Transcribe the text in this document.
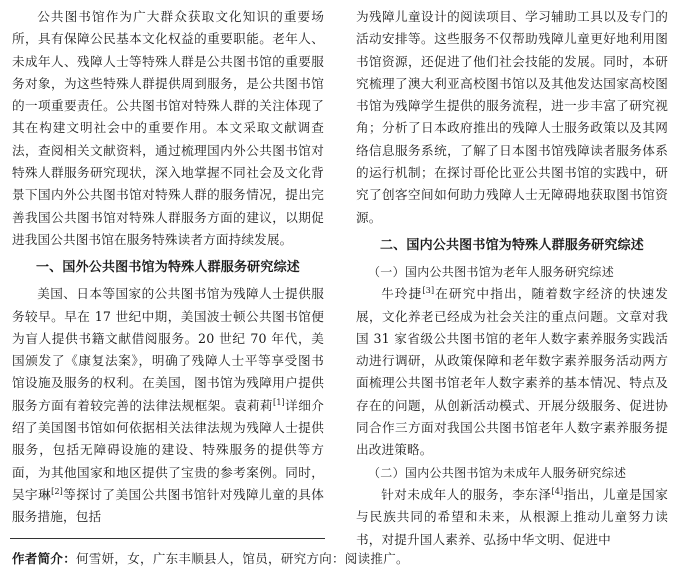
公共图书馆作为广大群众获取文化知识的重要场所，具有保障公民基本文化权益的重要职能。老年人、未成年人、残障人士等特殊人群是公共图书馆的重要服务对象，为这些特殊人群提供周到服务，是公共图书馆的一项重要责任。公共图书馆对特殊人群的关注体现了其在构建文明社会中的重要作用。本文采取文献调查法，查阅相关文献资料，通过梳理国内外公共图书馆对特殊人群服务研究现状，深入地掌握不同社会及文化背景下国内外公共图书馆对特殊人群的服务情况，提出完善我国公共图书馆对特殊人群服务方面的建议，以期促进我国公共图书馆在服务特殊读者方面持续发展。

一、国外公共图书馆为特殊人群服务研究综述

美国、日本等国家的公共图书馆为残障人士提供服务较早。早在 17 世纪中期，美国波士顿公共图书馆便为盲人提供书籍文献借阅服务。20 世纪 70 年代，美国颁发了《康复法案》，明确了残障人士平等享受图书馆设施及服务的权利。在美国，图书馆为残障用户提供服务方面有着较完善的法律法规框架。袁莉莉[1]详细介绍了美国图书馆如何依据相关法律法规为残障人士提供服务，包括无障碍设施的建设、特殊服务的提供等方面，为其他国家和地区提供了宝贵的参考案例。同时，吴宇琳[2]等探讨了美国公共图书馆针对残障儿童的具体服务措施，包括

为残障儿童设计的阅读项目、学习辅助工具以及专门的活动安排等。这些服务不仅帮助残障儿童更好地利用图书馆资源，还促进了他们社会技能的发展。同时，本研究梳理了澳大利亚高校图书馆以及其他发达国家高校图书馆为残障学生提供的服务流程，进一步丰富了研究视角；分析了日本政府推出的残障人士服务政策以及其网络信息服务系统，了解了日本图书馆残障读者服务体系的运行机制；在探讨哥伦比亚公共图书馆的实践中，研究了创客空间如何助力残障人士无障碍地获取图书馆资源。

二、国内公共图书馆为特殊人群服务研究综述
（一）国内公共图书馆为老年人服务研究综述

牛玲捷[3]在研究中指出，随着数字经济的快速发展，文化养老已经成为社会关注的重点问题。文章对我国 31 家省级公共图书馆的老年人数字素养服务实践活动进行调研，从政策保障和老年数字素养服务活动两方面梳理公共图书馆老年人数字素养的基本情况、特点及存在的问题，从创新活动模式、开展分级服务、促进协同合作三方面对我国公共图书馆老年人数字素养服务提出改进策略。

（二）国内公共图书馆为未成年人服务研究综述

针对未成年人的服务，李东泽[4]指出，儿童是国家与民族共同的希望和未来，从根源上推动儿童努力读书，对提升国人素养、弘扬中华文明、促进中

作者简介：何雪妍，女，广东丰顺县人，馆员，研究方向：阅读推广。
